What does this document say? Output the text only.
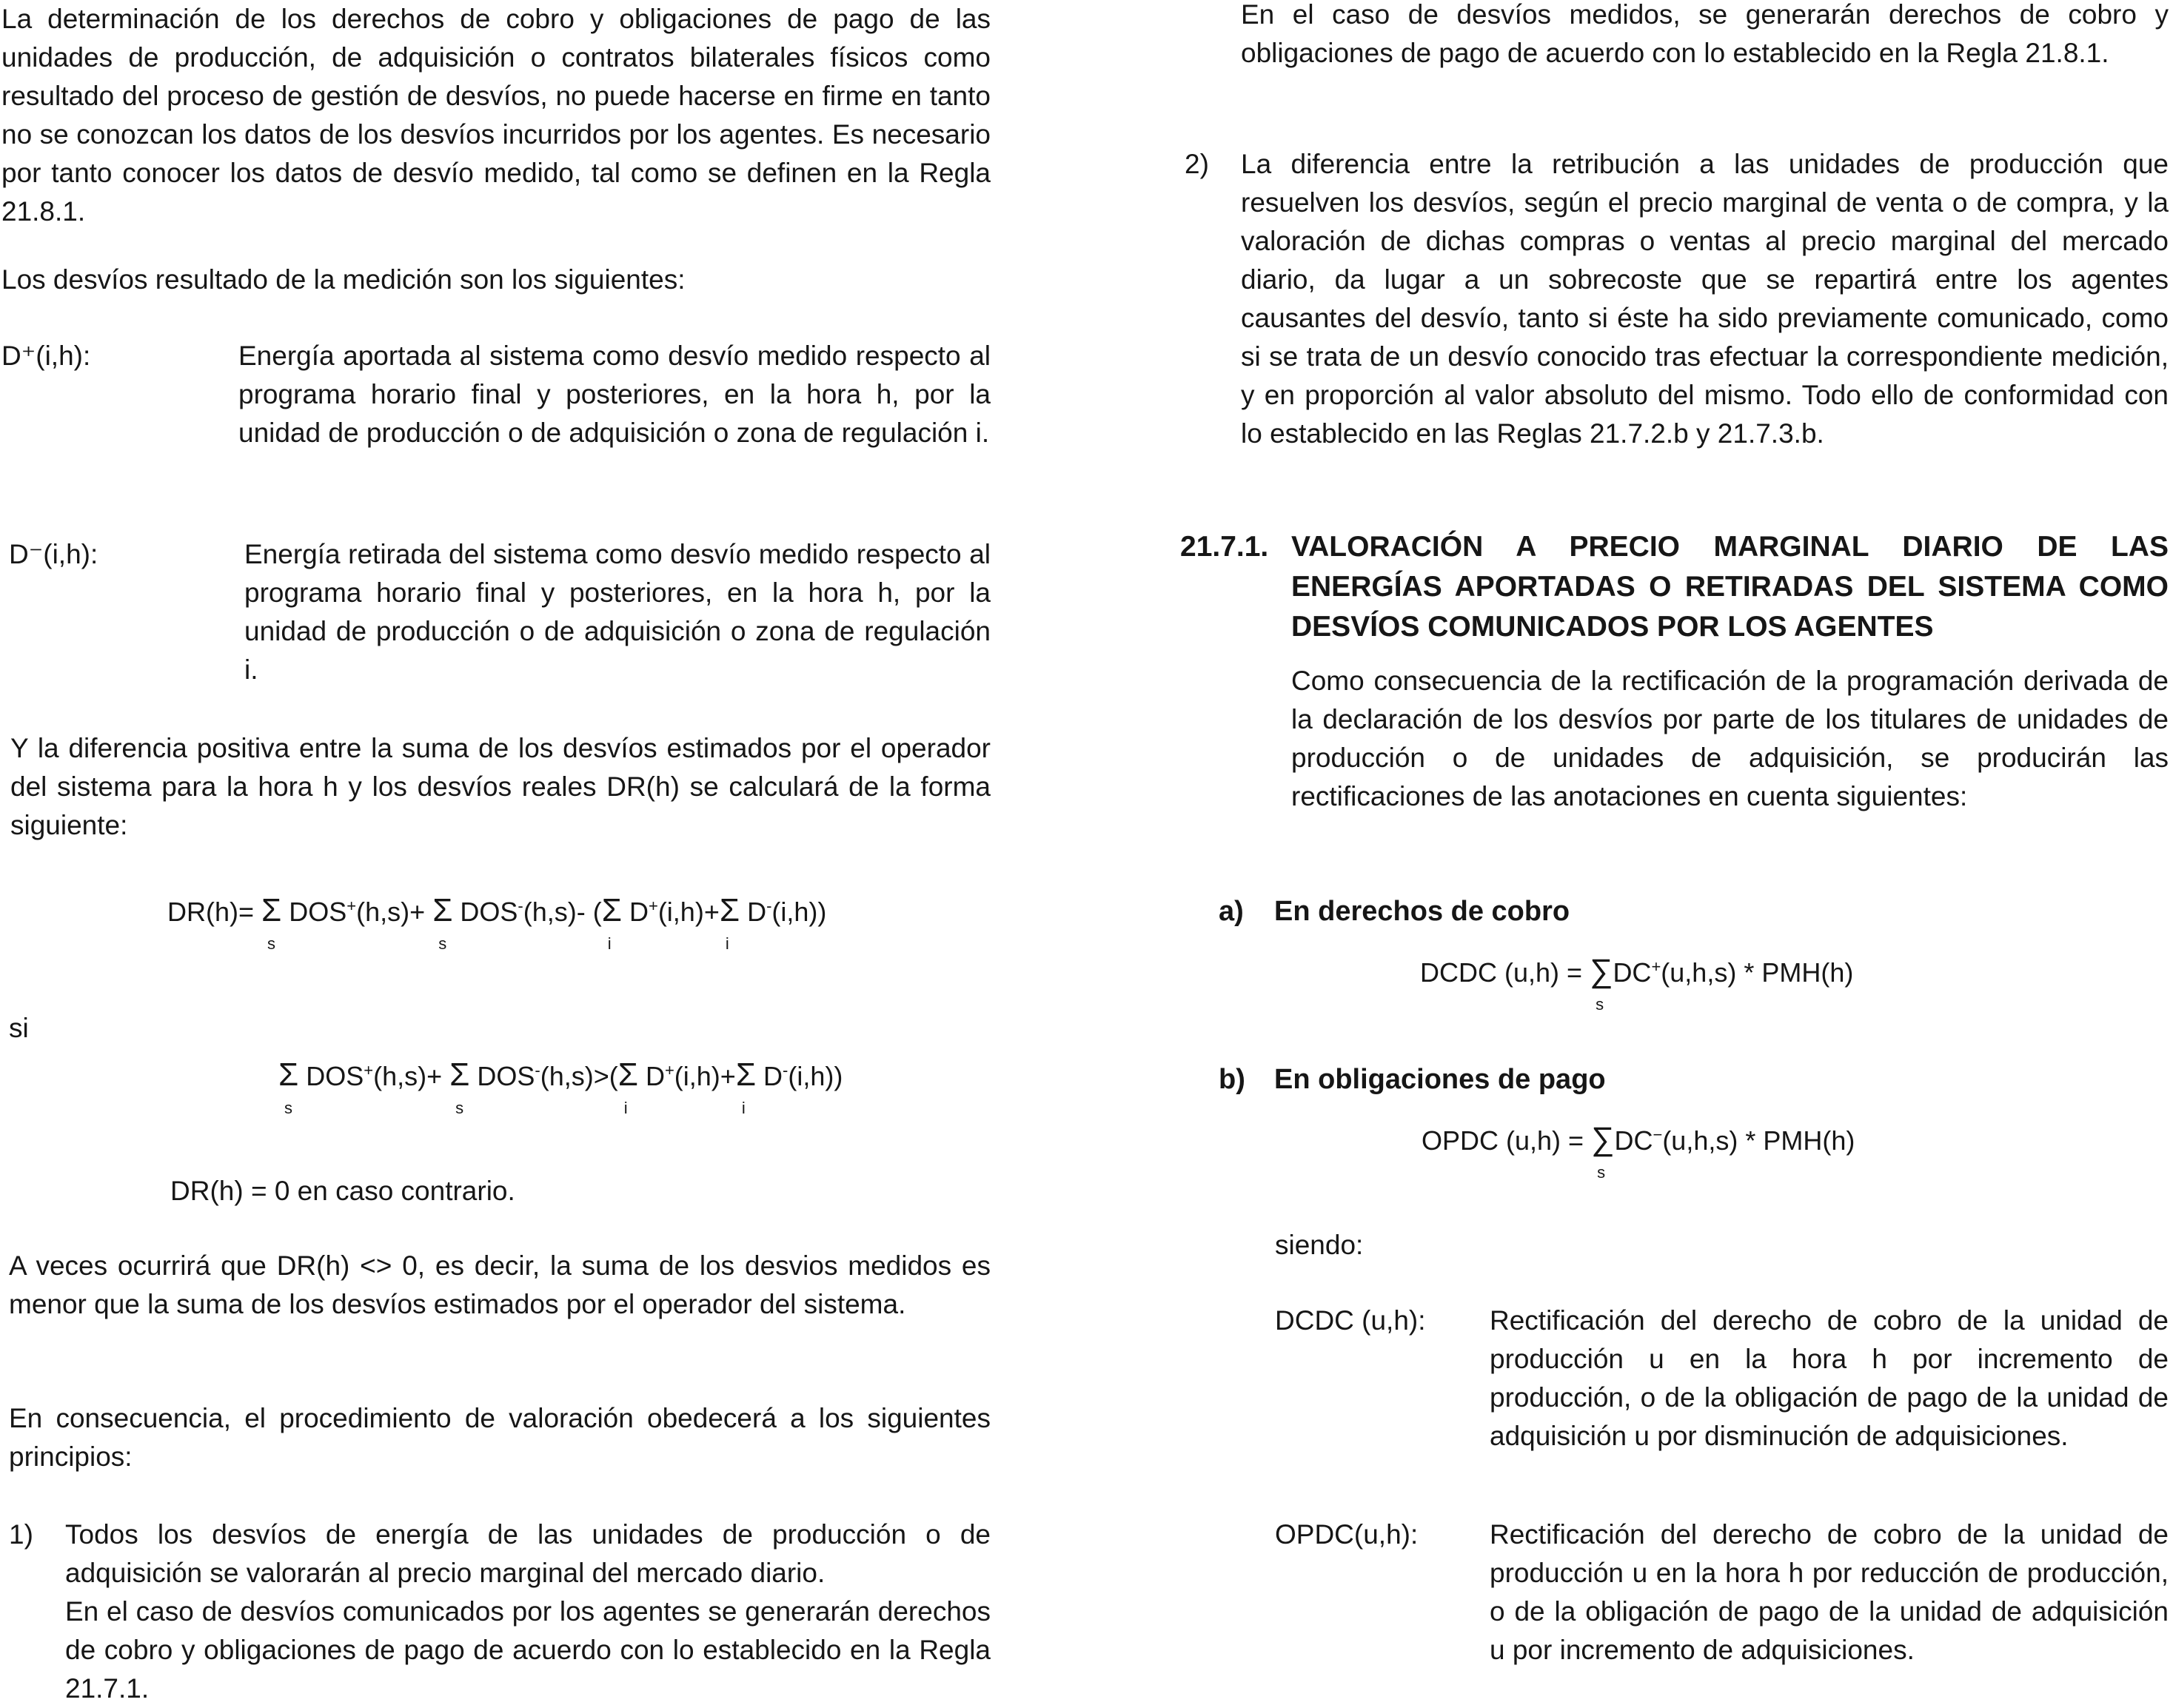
La determinación de los derechos de cobro y obligaciones de pago de las unidades de producción, de adquisición o contratos bilaterales físicos como resultado del proceso de gestión de desvíos, no puede hacerse en firme en tanto no se conozcan los datos de los desvíos incurridos por los agentes. Es necesario por tanto conocer los datos de desvío medido, tal como se definen en la Regla 21.8.1.

Los desvíos resultado de la medición son los siguientes:

D⁺(i,h):	Energía aportada al sistema como desvío medido respecto al programa horario final y posteriores, en la hora h, por la unidad de producción o de adquisición o zona de regulación i.
D⁻(i,h):	Energía retirada del sistema como desvío medido respecto al programa horario final y posteriores, en la hora h, por la unidad de producción o de adquisición o zona de regulación i.

Y la diferencia positiva entre la suma de los desvíos estimados por el operador del sistema para la hora h y los desvíos reales DR(h) se calculará de la forma siguiente:

DR(h)= Σ
s
DOS+(h,s)+ Σ
s
DOS-(h,s)- (Σ
i
D+(i,h)+Σ
i
D-(i,h))

si

Σ
s
DOS+(h,s)+ Σ
s
DOS-(h,s)>(Σ
i
D+(i,h)+Σ
i
D-(i,h))

DR(h) = 0 en caso contrario.

A veces ocurrirá que DR(h) <> 0, es decir, la suma de los desvios medidos es menor que la suma de los desvíos estimados por el operador del sistema.

En consecuencia, el procedimiento de valoración obedecerá a los siguientes principios:

1)	Todos los desvíos de energía de las unidades de producción o de adquisición se valorarán al precio marginal del mercado diario.

En el caso de desvíos comunicados por los agentes se generarán derechos de cobro y obligaciones de pago de acuerdo con lo establecido en la Regla 21.7.1.

En el caso de desvíos medidos, se generarán derechos de cobro y obligaciones de pago de acuerdo con lo establecido en la Regla 21.8.1.

2)	La diferencia entre la retribución a las unidades de producción que resuelven los desvíos, según el precio marginal de venta o de compra, y la valoración de dichas compras o ventas al precio marginal del mercado diario, da lugar a un sobrecoste que se repartirá entre los agentes causantes del desvío, tanto si éste ha sido previamente comunicado, como si se trata de un desvío conocido tras efectuar la correspondiente medición, y en proporción al valor absoluto del mismo. Todo ello de conformidad con lo establecido en las Reglas 21.7.2.b y 21.7.3.b.

21.7.1. VALORACIÓN A PRECIO MARGINAL DIARIO DE LAS ENERGÍAS APORTADAS O RETIRADAS DEL SISTEMA COMO DESVÍOS COMUNICADOS POR LOS AGENTES

Como consecuencia de la rectificación de la programación derivada de la declaración de los desvíos por parte de los titulares de unidades de producción o de unidades de adquisición, se producirán las rectificaciones de las anotaciones en cuenta siguientes:

a) En derechos de cobro

DCDC (u,h) = ∑
s
DC+(u,h,s) * PMH(h)

b) En obligaciones de pago

OPDC (u,h) = ∑
s
DC−(u,h,s) * PMH(h)

siendo:

DCDC (u,h):	Rectificación del derecho de cobro de la unidad de producción u en la hora h por incremento de producción, o de la obligación de pago de la unidad de adquisición u por disminución de adquisiciones.
OPDC(u,h):	Rectificación del derecho de cobro de la unidad de producción u en la hora h por reducción de producción, o de la obligación de pago de la unidad de adquisición u por incremento de adquisiciones.
